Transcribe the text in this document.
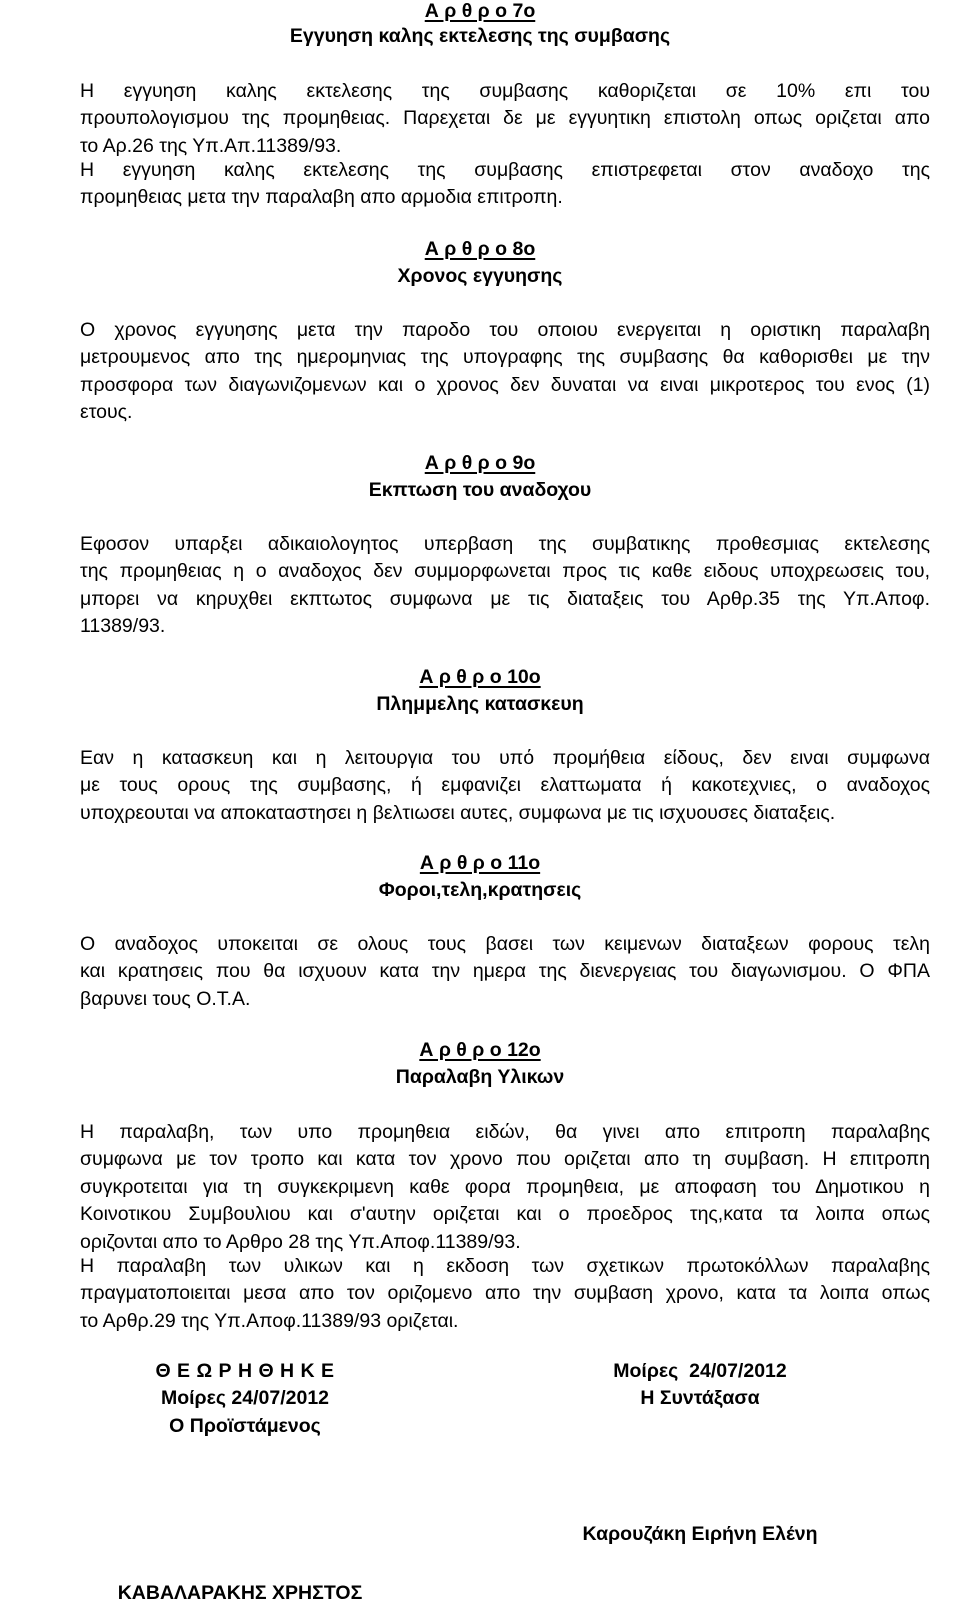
Α ρ θ ρ ο 7ο
Εγγυηση καλης εκτελεσης της συμβασης
Η εγγυηση καλης εκτελεσης της συμβασης καθοριζεται σε 10% επι του
προυπολογισμου της προμηθειας. Παρεχεται δε με εγγυητικη επιστολη οπως οριζεται απο
το Αρ.26 της Υπ.Απ.11389/93.
Η εγγυηση καλης εκτελεσης της συμβασης επιστρεφεται στον αναδοχο της
προμηθειας μετα την παραλαβη απο αρμοδια επιτροπη.
Α ρ θ ρ ο 8ο
Χρονος εγγυησης
Ο χρονος εγγυησης μετα την παροδο του οποιου ενεργειται η οριστικη παραλαβη
μετρουμενος απο της ημερομηνιας της υπογραφης της συμβασης θα καθορισθει με την
προσφορα των διαγωνιζομενων και ο χρονος δεν δυναται να ειναι μικροτερος του ενος (1)
ετους.
Α ρ θ ρ ο 9ο
Εκπτωση του αναδοχου
Εφοσον υπαρξει αδικαιολογητος υπερβαση της συμβατικης προθεσμιας εκτελεσης
της προμηθειας η ο αναδοχος δεν συμμορφωνεται προς τις καθε ειδους υποχρεωσεις του,
μπορει να κηρυχθει εκπτωτος συμφωνα με τις διαταξεις του Αρθρ.35 της Υπ.Αποφ.
11389/93.
Α ρ θ ρ ο 10ο
Πλημμελης κατασκευη
Εαν η κατασκευη και η λειτουργια του υπό προμήθεια είδους, δεν ειναι συμφωνα
με τους ορους της συμβασης, ή εμφανιζει ελαττωματα ή κακοτεχνιες, ο αναδοχος
υποχρεουται να αποκαταστησει η βελτιωσει αυτες, συμφωνα με τις ισχυουσες διαταξεις.
Α ρ θ ρ ο 11ο
Φοροι,τελη,κρατησεις
Ο αναδοχος υποκειται σε ολους τους βασει των κειμενων διαταξεων φορους τελη
και κρατησεις που θα ισχυουν κατα την ημερα της διενεργειας του διαγωνισμου. Ο ΦΠΑ
βαρυνει τους Ο.Τ.Α.
Α ρ θ ρ ο 12ο
Παραλαβη Υλικων
Η παραλαβη, των υπο προμηθεια ειδών, θα γινει απο επιτροπη παραλαβης
συμφωνα με τον τροπο και κατα τον χρονο που οριζεται απο τη συμβαση. Η επιτροπη
συγκροτειται για τη συγκεκριμενη καθε φορα προμηθεια, με αποφαση του Δημοτικου η
Κοινοτικου Συμβουλιου και σ'αυτην οριζεται και ο προεδρος της,κατα τα λοιπα οπως
οριζονται απο το Αρθρο 28 της Υπ.Αποφ.11389/93.
Η παραλαβη των υλικων και η εκδοση των σχετικων πρωτοκόλλων παραλαβης
πραγματοποιειται μεσα απο τον οριζομενο απο την συμβαση χρονο, κατα τα λοιπα οπως
το Αρθρ.29 της Υπ.Αποφ.11389/93 οριζεται.
Θ Ε Ω Ρ Η Θ Η Κ Ε
Μοίρες 24/07/2012
Ο Προϊστάμενος
Μοίρες  24/07/2012
Η Συντάξασα
Καρουζάκη Ειρήνη Ελένη
ΚΑΒΑΛΑΡΑΚΗΣ ΧΡΗΣΤΟΣ
